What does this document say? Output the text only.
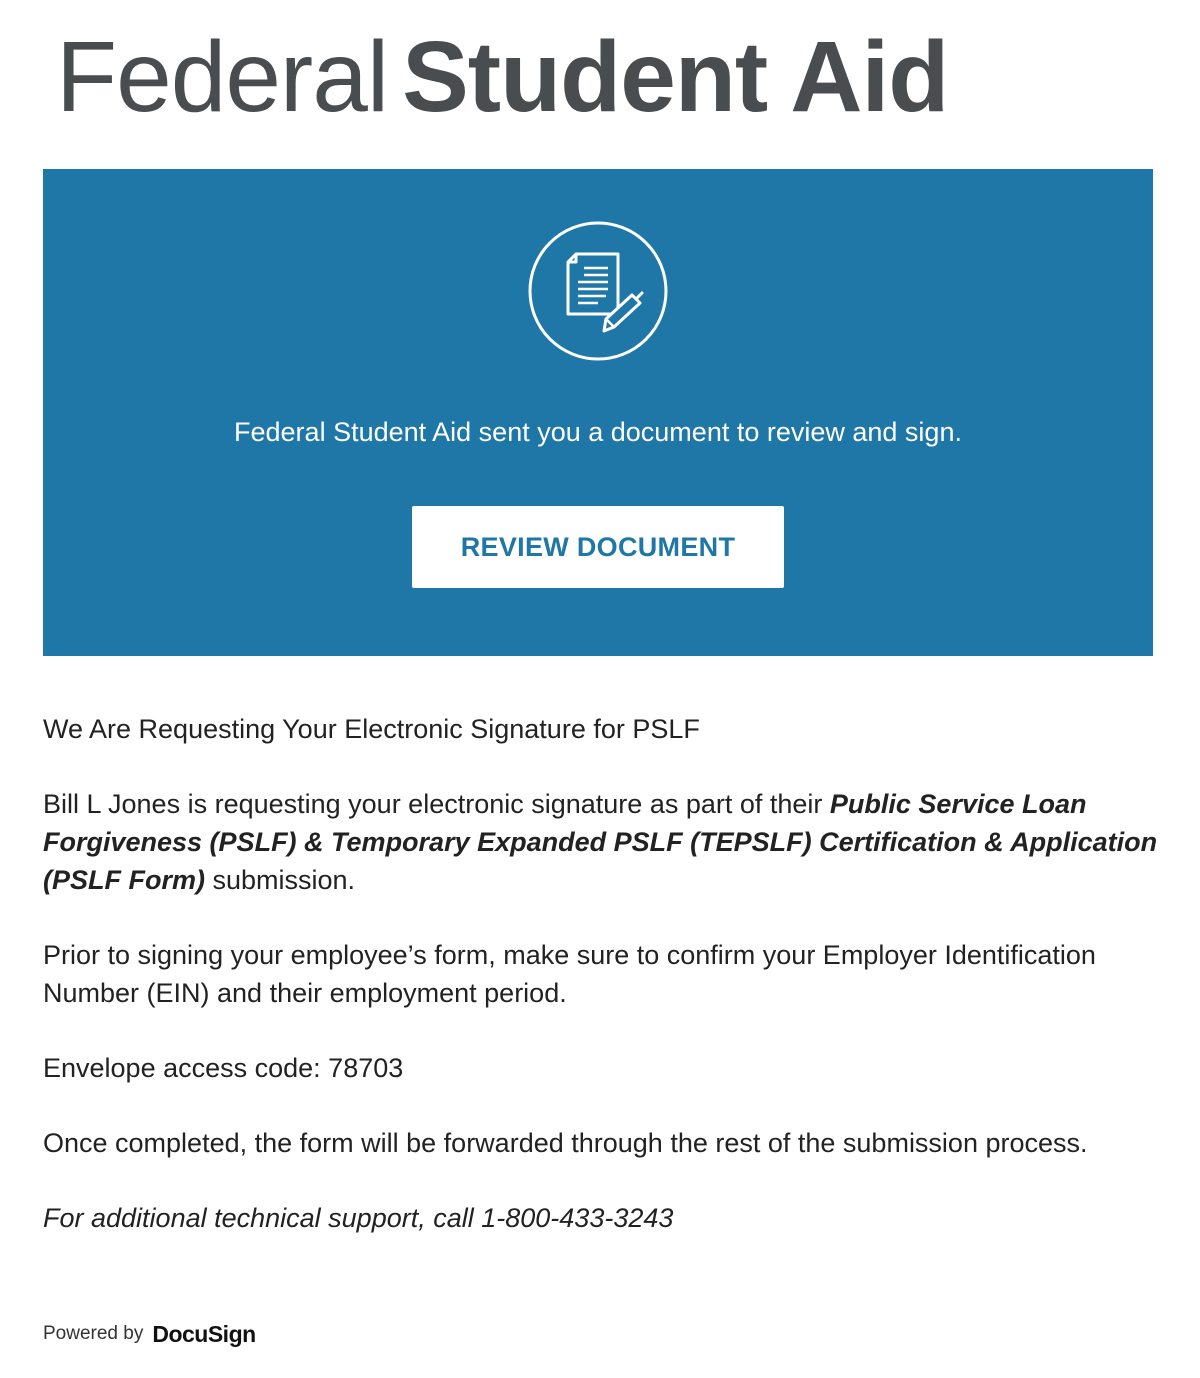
Federal Student Aid
Federal Student Aid sent you a document to review and sign.
REVIEW DOCUMENT

We Are Requesting Your Electronic Signature for PSLF

Bill L Jones is requesting your electronic signature as part of their Public Service Loan Forgiveness (PSLF) & Temporary Expanded PSLF (TEPSLF) Certification & Application (PSLF Form) submission.

Prior to signing your employee’s form, make sure to confirm your Employer Identification Number (EIN) and their employment period.

Envelope access code: 78703

Once completed, the form will be forwarded through the rest of the submission process.

For additional technical support, call 1-800-433-3243

Powered by DocuSign
